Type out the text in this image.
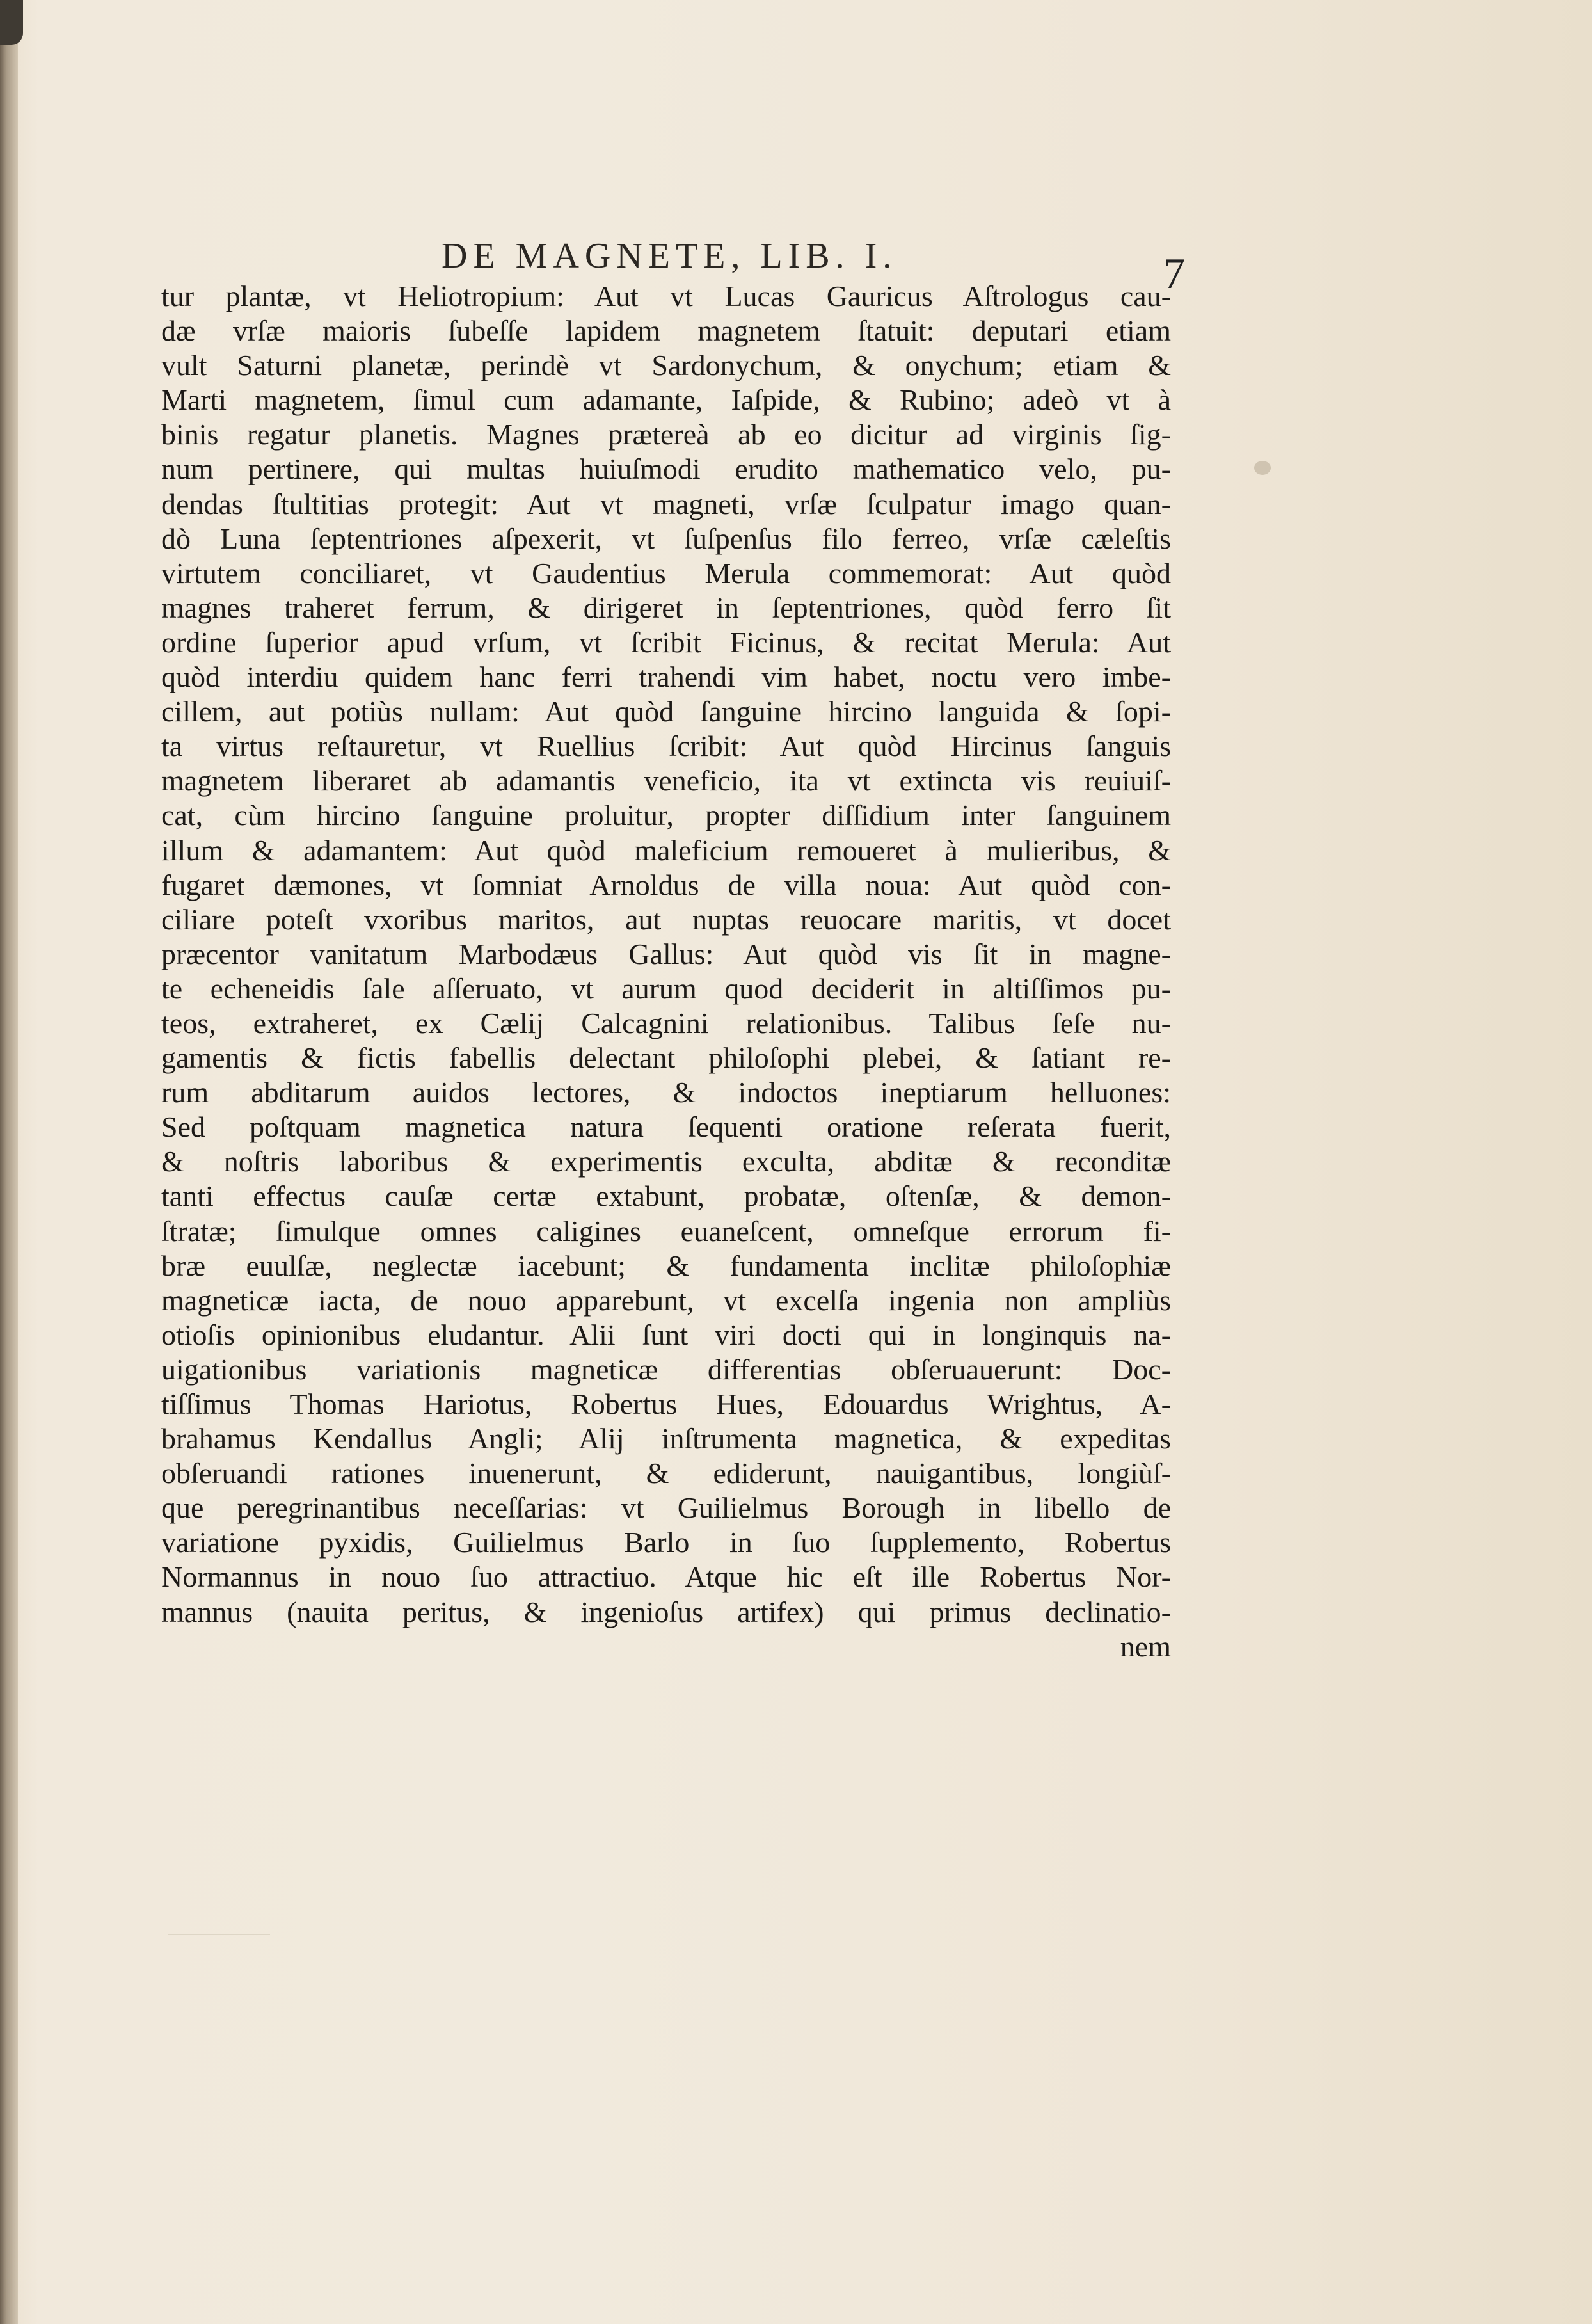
DE MAGNETE, LIB. I.	7
tur plantæ, vt Heliotropium: Aut vt Lucas Gauricus Aſtrologus cau-
dæ vrſæ maioris ſubeſſe lapidem magnetem ſtatuit: deputari etiam
vult Saturni planetæ, perindè vt Sardonychum, & onychum; etiam &
Marti magnetem, ſimul cum adamante, Iaſpide, & Rubino; adeò vt à
binis regatur planetis. Magnes prætereà ab eo dicitur ad virginis ſig-
num pertinere, qui multas huiuſmodi erudito mathematico velo, pu-
dendas ſtultitias protegit: Aut vt magneti, vrſæ ſculpatur imago quan-
dò Luna ſeptentriones aſpexerit, vt ſuſpenſus filo ferreo, vrſæ cæleſtis
virtutem conciliaret, vt Gaudentius Merula commemorat: Aut quòd
magnes traheret ferrum, & dirigeret in ſeptentriones, quòd ferro ſit
ordine ſuperior apud vrſum, vt ſcribit Ficinus, & recitat Merula: Aut
quòd interdiu quidem hanc ferri trahendi vim habet, noctu vero imbe-
cillem, aut potiùs nullam: Aut quòd ſanguine hircino languida & ſopi-
ta virtus reſtauretur, vt Ruellius ſcribit: Aut quòd Hircinus ſanguis
magnetem liberaret ab adamantis veneficio, ita vt extincta vis reuiuiſ-
cat, cùm hircino ſanguine proluitur, propter diſſidium inter ſanguinem
illum & adamantem: Aut quòd maleficium remoueret à mulieribus, &
fugaret dæmones, vt ſomniat Arnoldus de villa noua: Aut quòd con-
ciliare poteſt vxoribus maritos, aut nuptas reuocare maritis, vt docet
præcentor vanitatum Marbodæus Gallus: Aut quòd vis ſit in magne-
te echeneidis ſale aſſeruato, vt aurum quod deciderit in altiſſimos pu-
teos, extraheret, ex Cælij Calcagnini relationibus. Talibus ſeſe nu-
gamentis & fictis fabellis delectant philoſophi plebei, & ſatiant re-
rum abditarum auidos lectores, & indoctos ineptiarum helluones:
Sed poſtquam magnetica natura ſequenti oratione reſerata fuerit,
& noſtris laboribus & experimentis exculta, abditæ & reconditæ
tanti effectus cauſæ certæ extabunt, probatæ, oſtenſæ, & demon-
ſtratæ; ſimulque omnes caligines euaneſcent, omneſque errorum fi-
bræ euulſæ, neglectæ iacebunt; & fundamenta inclitæ philoſophiæ
magneticæ iacta, de nouo apparebunt, vt excelſa ingenia non ampliùs
otioſis opinionibus eludantur. Alii ſunt viri docti qui in longinquis na-
uigationibus variationis magneticæ differentias obſeruauerunt: Doc-
tiſſimus Thomas Hariotus, Robertus Hues, Edouardus Wrightus, A-
brahamus Kendallus Angli; Alij inſtrumenta magnetica, & expeditas
obſeruandi rationes inuenerunt, & ediderunt, nauigantibus, longiùſ-
que peregrinantibus neceſſarias: vt Guilielmus Borough in libello de
variatione pyxidis, Guilielmus Barlo in ſuo ſupplemento, Robertus
Normannus in nouo ſuo attractiuo. Atque hic eſt ille Robertus Nor-
mannus (nauita peritus, & ingenioſus artifex) qui primus declinatio-
nem
